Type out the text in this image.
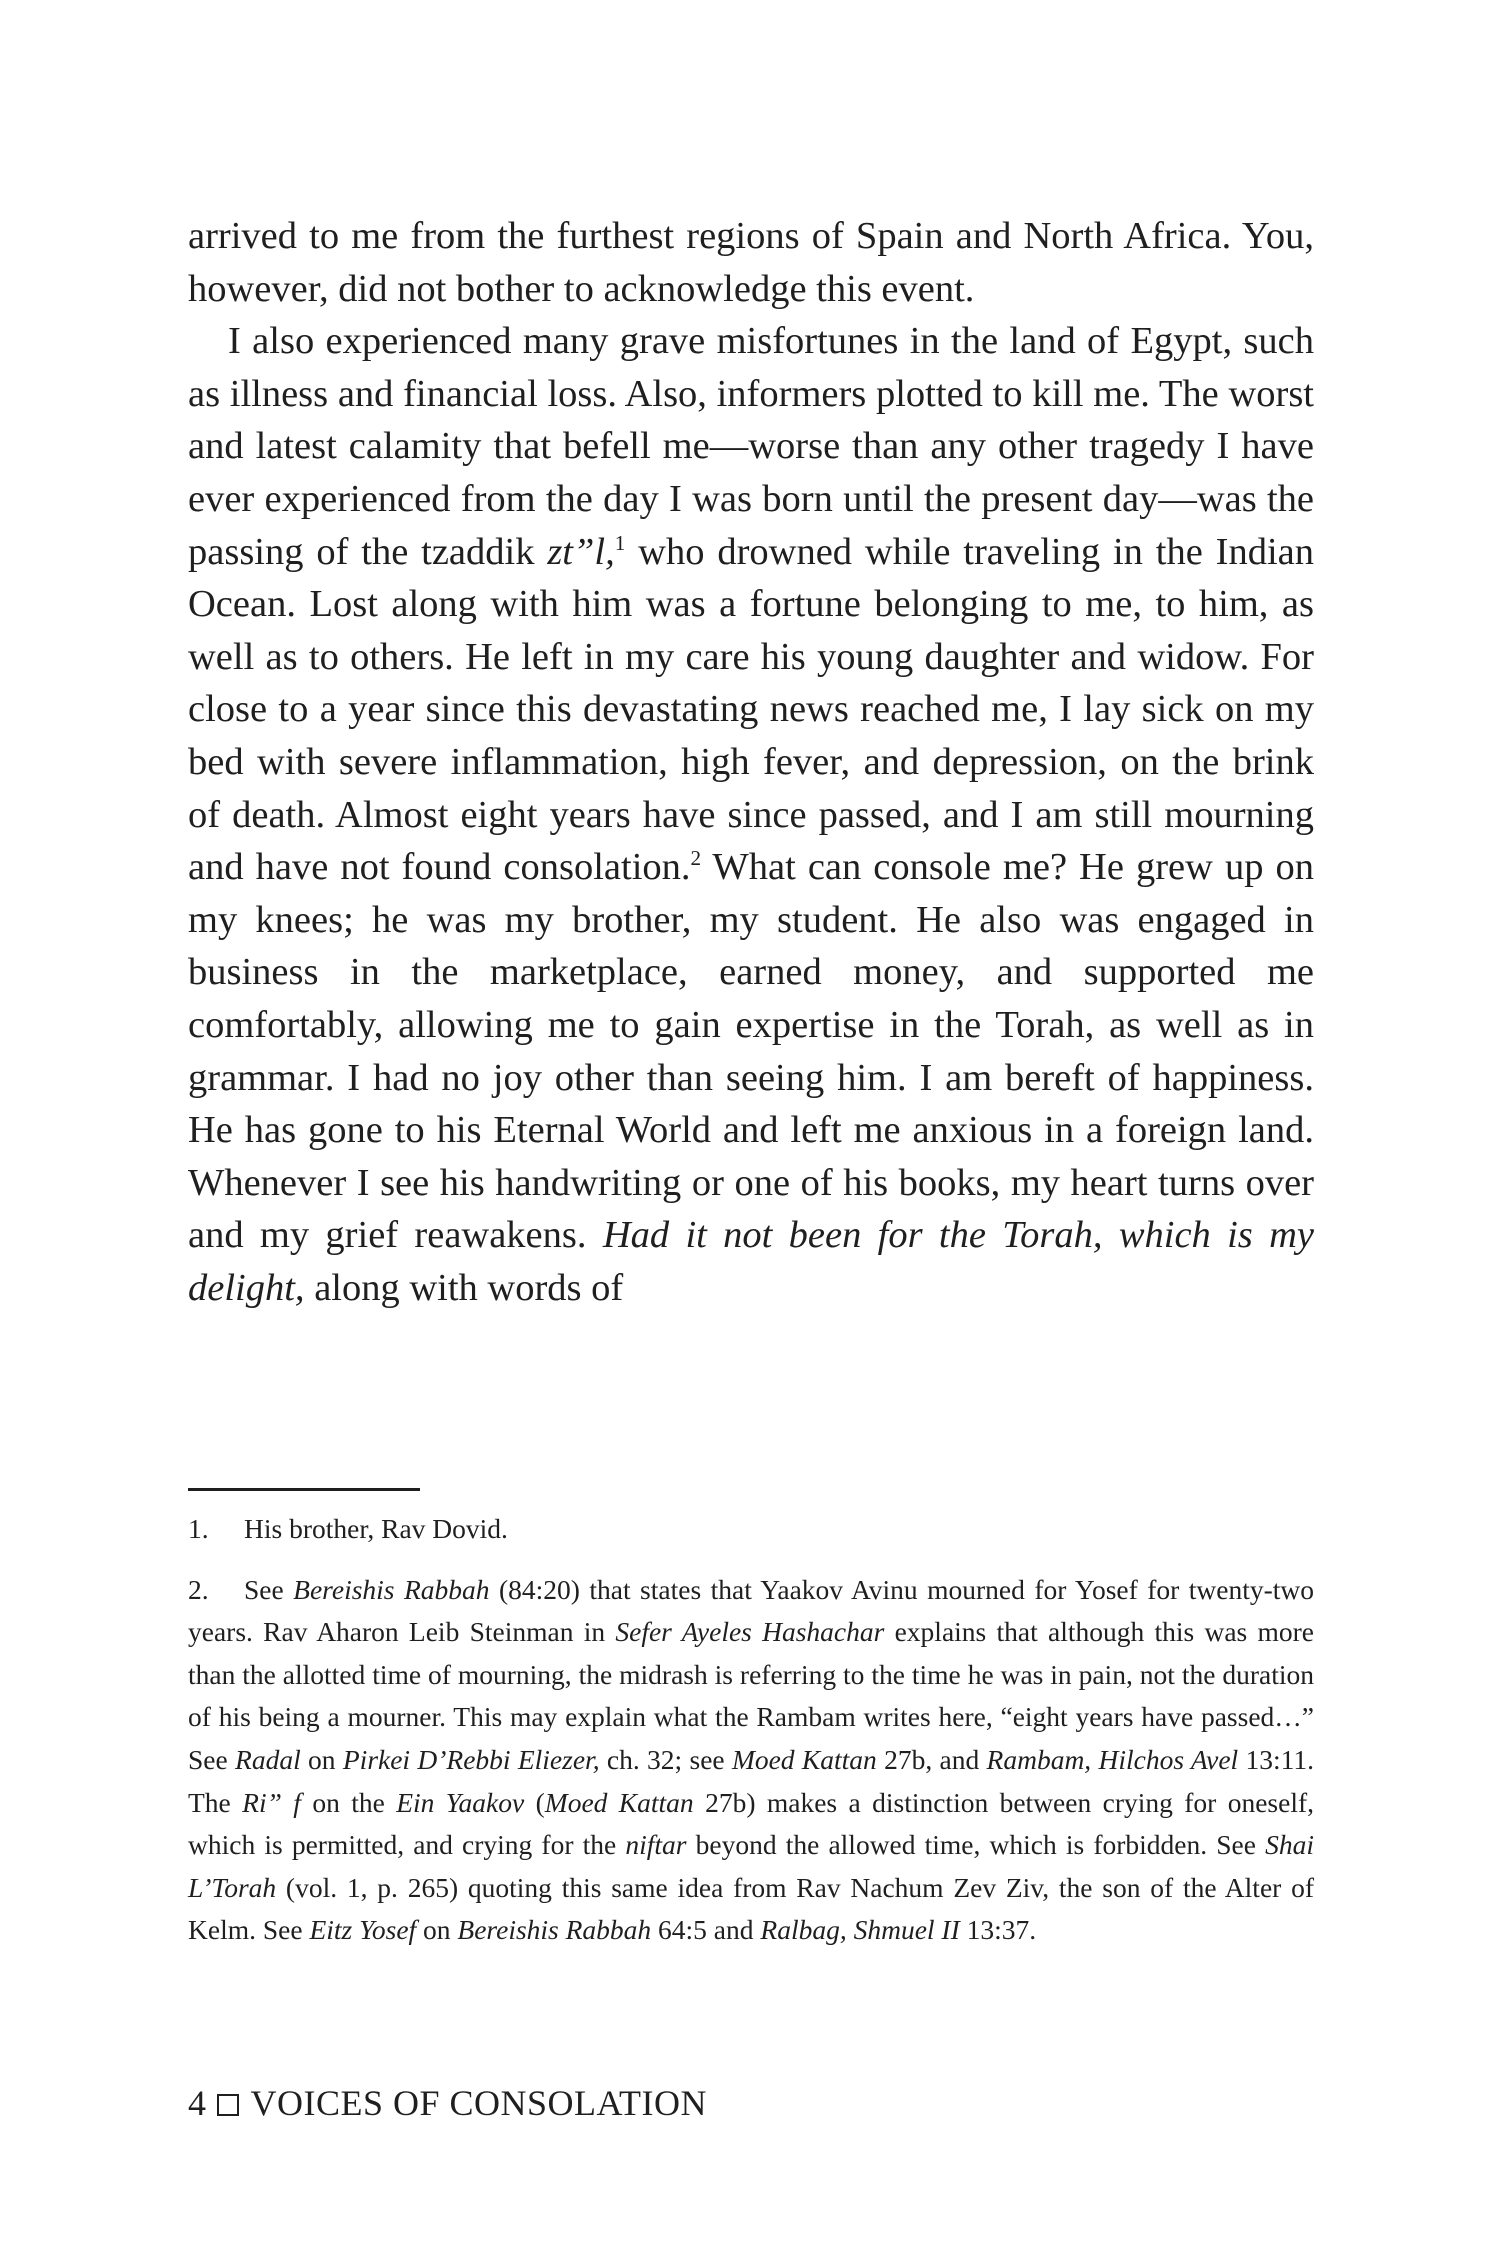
arrived to me from the furthest regions of Spain and North Africa. You, however, did not bother to acknowledge this event.

I also experienced many grave misfortunes in the land of Egypt, such as illness and financial loss. Also, informers plotted to kill me. The worst and latest calamity that befell me—worse than any other tragedy I have ever experienced from the day I was born until the present day—was the passing of the tzaddik zt”l,$^1$ who drowned while traveling in the Indian Ocean. Lost along with him was a fortune belonging to me, to him, as well as to others. He left in my care his young daughter and widow. For close to a year since this devastating news reached me, I lay sick on my bed with severe inflammation, high fever, and depression, on the brink of death. Almost eight years have since passed, and I am still mourning and have not found consolation.$^2$ What can console me? He grew up on my knees; he was my brother, my student. He also was engaged in business in the marketplace, earned money, and supported me comfortably, allowing me to gain expertise in the Torah, as well as in grammar. I had no joy other than seeing him. I am bereft of happiness. He has gone to his Eternal World and left me anxious in a foreign land. Whenever I see his handwriting or one of his books, my heart turns over and my grief reawakens. Had it not been for the Torah, which is my delight, along with words of

1. His brother, Rav Dovid.

2. See Bereishis Rabbah (84:20) that states that Yaakov Avinu mourned for Yosef for twenty-two years. Rav Aharon Leib Steinman in Sefer Ayeles Hashachar explains that although this was more than the allotted time of mourning, the midrash is referring to the time he was in pain, not the duration of his being a mourner. This may explain what the Rambam writes here, “eight years have passed…” See Radal on Pirkei D’Rebbi Eliezer, ch. 32; see Moed Kattan 27b, and Rambam, Hilchos Avel 13:11. The Ri” f on the Ein Yaakov (Moed Kattan 27b) makes a distinction between crying for oneself, which is permitted, and crying for the niftar beyond the allowed time, which is forbidden. See Shai L’Torah (vol. 1, p. 265) quoting this same idea from Rav Nachum Zev Ziv, the son of the Alter of Kelm. See Eitz Yosef on Bereishis Rabbah 64:5 and Ralbag, Shmuel II 13:37.

4 VOICES OF CONSOLATION
